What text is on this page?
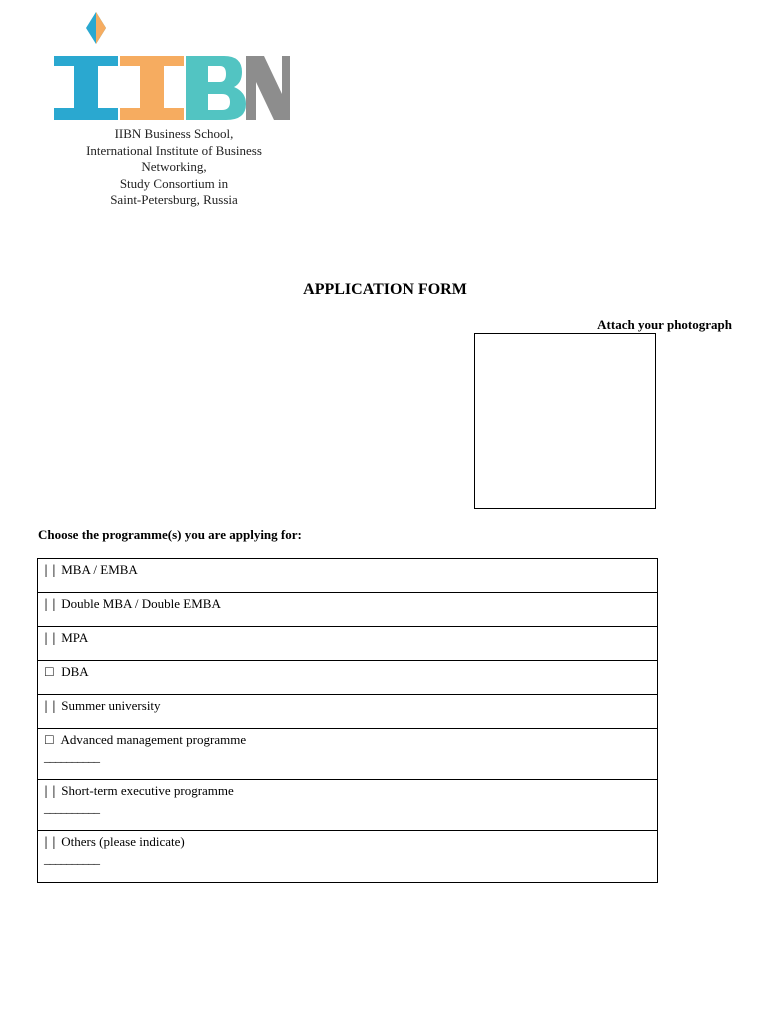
IIBN Business School,
International Institute of Business
Networking,
Study Consortium in
Saint-Petersburg, Russia
APPLICATION FORM
Attach your photograph
Choose the programme(s) you are applying for:
| | MBA / EMBA
| | Double MBA / Double EMBA
| | MPA
☐ DBA
| | Summer university
☐ Advanced management programme
__________
| | Short-term executive programme
__________
| | Others (please indicate)
__________
